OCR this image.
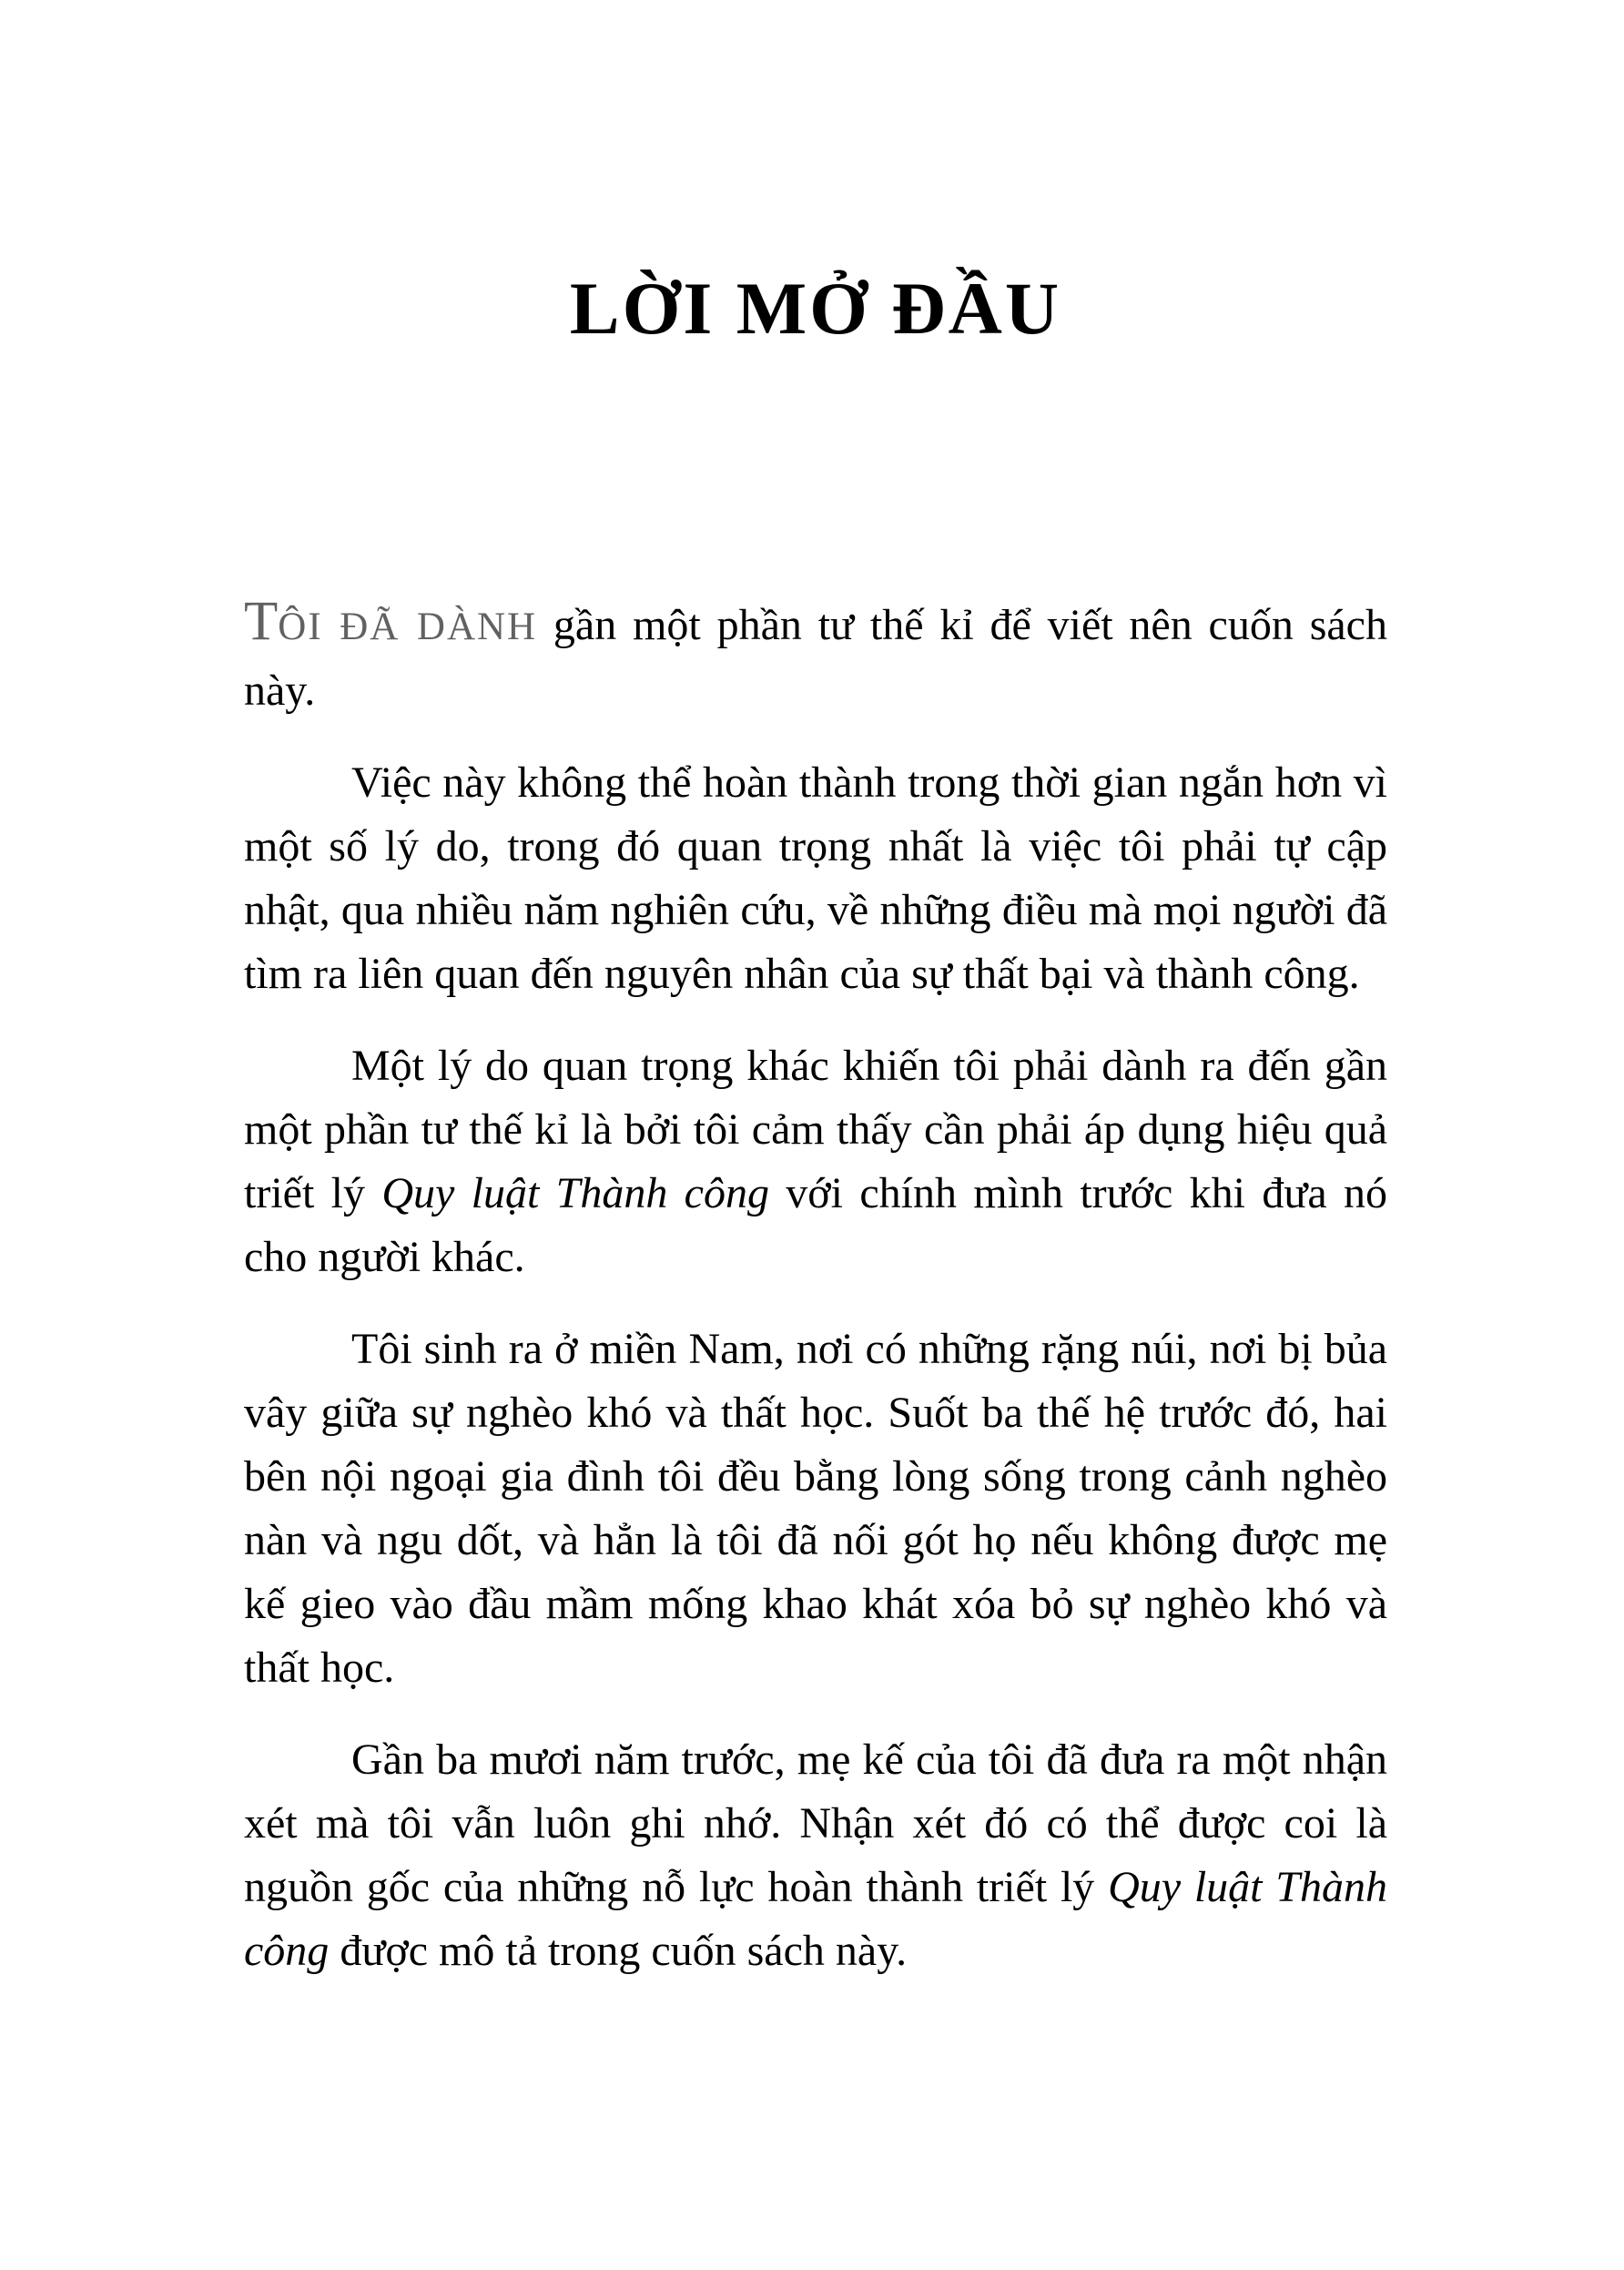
LỜI MỞ ĐẦU

TÔI ĐÃ DÀNH gần một phần tư thế kỉ để viết nên cuốn sách này.

Việc này không thể hoàn thành trong thời gian ngắn hơn vì một số lý do, trong đó quan trọng nhất là việc tôi phải tự cập nhật, qua nhiều năm nghiên cứu, về những điều mà mọi người đã tìm ra liên quan đến nguyên nhân của sự thất bại và thành công.

Một lý do quan trọng khác khiến tôi phải dành ra đến gần một phần tư thế kỉ là bởi tôi cảm thấy cần phải áp dụng hiệu quả triết lý Quy luật Thành công với chính mình trước khi đưa nó cho người khác.

Tôi sinh ra ở miền Nam, nơi có những rặng núi, nơi bị bủa vây giữa sự nghèo khó và thất học. Suốt ba thế hệ trước đó, hai bên nội ngoại gia đình tôi đều bằng lòng sống trong cảnh nghèo nàn và ngu dốt, và hẳn là tôi đã nối gót họ nếu không được mẹ kế gieo vào đầu mầm mống khao khát xóa bỏ sự nghèo khó và thất học.

Gần ba mươi năm trước, mẹ kế của tôi đã đưa ra một nhận xét mà tôi vẫn luôn ghi nhớ. Nhận xét đó có thể được coi là nguồn gốc của những nỗ lực hoàn thành triết lý Quy luật Thành công được mô tả trong cuốn sách này.
